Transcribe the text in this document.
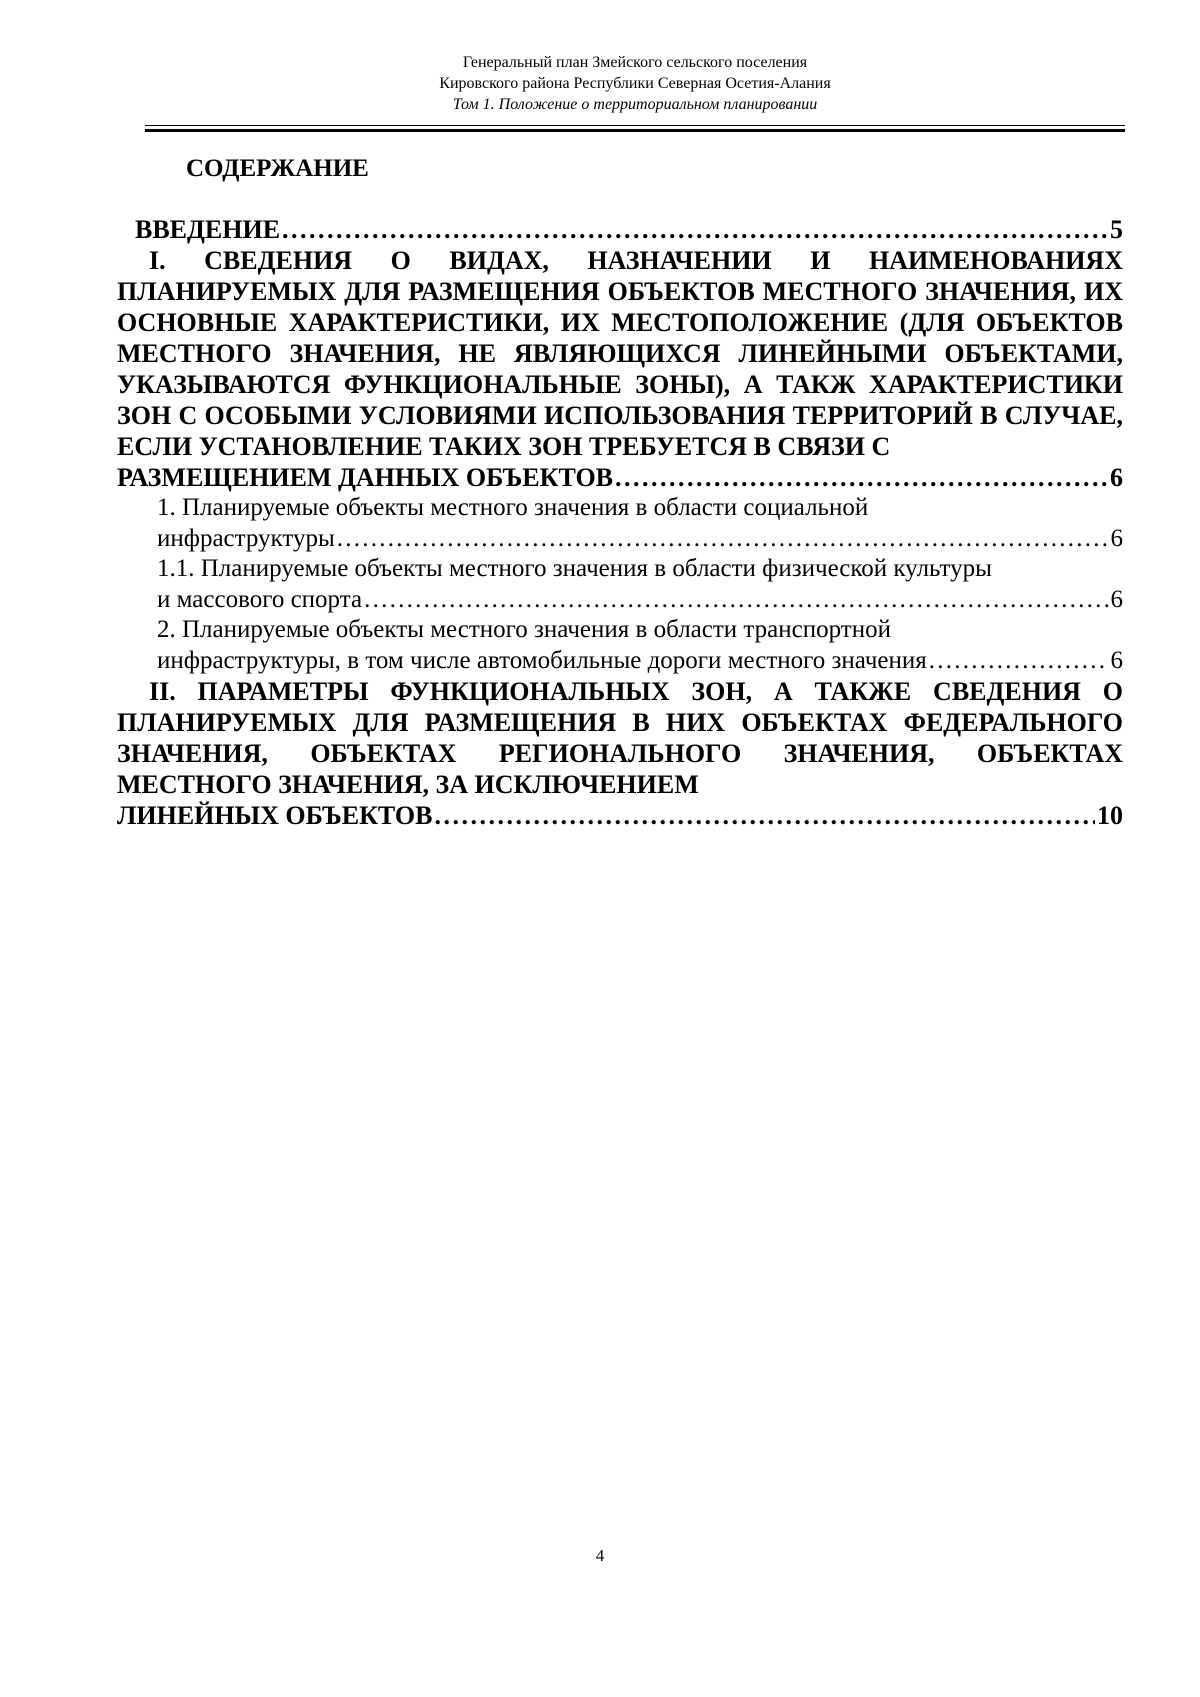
Генеральный план Змейского сельского поселения
Кировского района Республики Северная Осетия-Алания
Том 1. Положение о территориальном планировании
СОДЕРЖАНИЕ
ВВЕДЕНИЕ . . .	5
I. СВЕДЕНИЯ О ВИДАХ, НАЗНАЧЕНИИ И НАИМЕНОВАНИЯХ ПЛАНИРУЕМЫХ ДЛЯ РАЗМЕЩЕНИЯ ОБЪЕКТОВ МЕСТНОГО ЗНАЧЕНИЯ, ИХ ОСНОВНЫЕ ХАРАКТЕРИСТИКИ, ИХ МЕСТОПОЛОЖЕНИЕ (ДЛЯ ОБЪЕКТОВ МЕСТНОГО ЗНАЧЕНИЯ, НЕ ЯВЛЯЮЩИХСЯ ЛИНЕЙНЫМИ ОБЪЕКТАМИ, УКАЗЫВАЮТСЯ ФУНКЦИОНАЛЬНЫЕ ЗОНЫ), А ТАКЖ ХАРАКТЕРИСТИКИ ЗОН С ОСОБЫМИ УСЛОВИЯМИ ИСПОЛЬЗОВАНИЯ ТЕРРИТОРИЙ В СЛУЧАЕ, ЕСЛИ УСТАНОВЛЕНИЕ ТАКИХ ЗОН ТРЕБУЕТСЯ В СВЯЗИ С
РАЗМЕЩЕНИЕМ ДАННЫХ ОБЪЕКТОВ . . .	6
1. Планируемые объекты местного значения в области социальной
инфраструктуры . . .	6
1.1. Планируемые объекты местного значения в области физической культуры
и массового спорта . . .	6
2. Планируемые объекты местного значения в области транспортной
инфраструктуры, в том числе автомобильные дороги местного значения . . .	6
II. ПАРАМЕТРЫ ФУНКЦИОНАЛЬНЫХ ЗОН, А ТАКЖЕ СВЕДЕНИЯ О ПЛАНИРУЕМЫХ ДЛЯ РАЗМЕЩЕНИЯ В НИХ ОБЪЕКТАХ ФЕДЕРАЛЬНОГО ЗНАЧЕНИЯ, ОБЪЕКТАХ РЕГИОНАЛЬНОГО ЗНАЧЕНИЯ, ОБЪЕКТАХ МЕСТНОГО ЗНАЧЕНИЯ, ЗА ИСКЛЮЧЕНИЕМ
ЛИНЕЙНЫХ ОБЪЕКТОВ . . .	10
4
